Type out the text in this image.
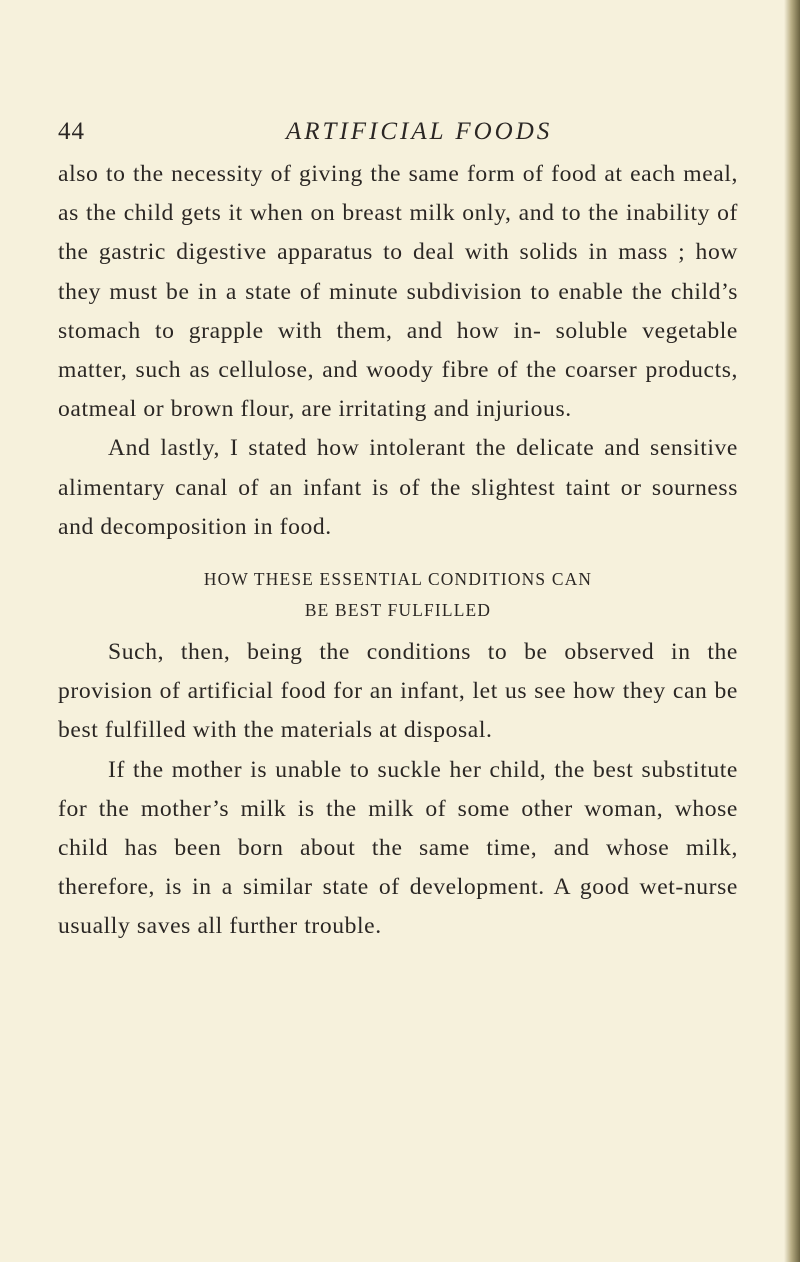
44	ARTIFICIAL FOODS

also to the necessity of giving the same form of food at each meal, as the child gets it when on breast milk only, and to the inability of the gastric digestive apparatus to deal with solids in mass ; how they must be in a state of minute subdivision to enable the child’s stomach to grapple with them, and how in- soluble vegetable matter, such as cellulose, and woody fibre of the coarser products, oatmeal or brown flour, are irritating and injurious.

And lastly, I stated how intolerant the delicate and sensitive alimentary canal of an infant is of the slightest taint or sourness and decomposition in food.

HOW THESE ESSENTIAL CONDITIONS CAN
BE BEST FULFILLED

Such, then, being the conditions to be observed in the provision of artificial food for an infant, let us see how they can be best fulfilled with the materials at disposal.

If the mother is unable to suckle her child, the best substitute for the mother’s milk is the milk of some other woman, whose child has been born about the same time, and whose milk, therefore, is in a similar state of development. A good wet-nurse usually saves all further trouble.
